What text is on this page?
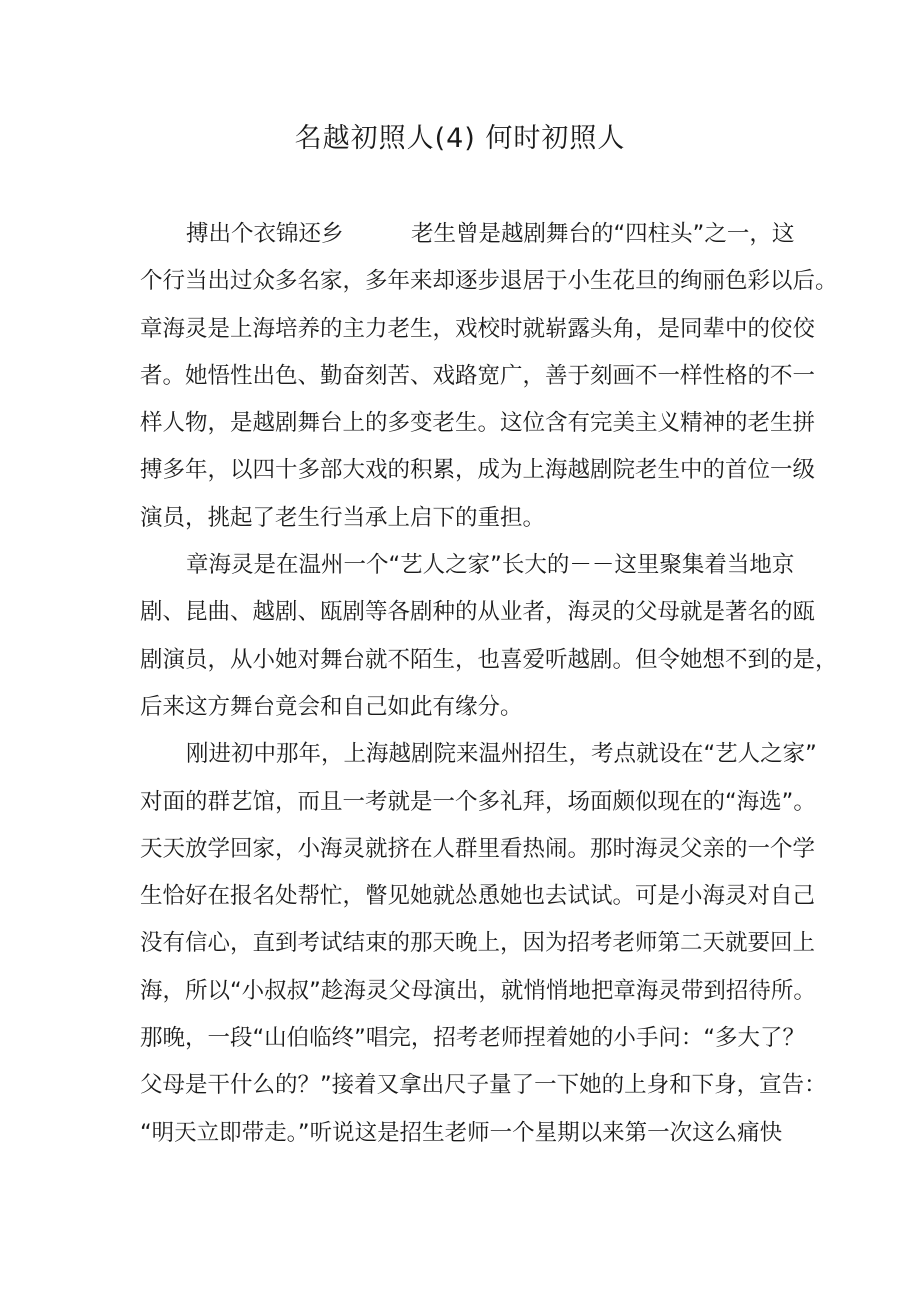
名越初照人(4) 何时初照人
搏出个衣锦还乡　　　老生曾是越剧舞台的“四柱头”之一，这
个行当出过众多名家，多年来却逐步退居于小生花旦的绚丽色彩以后。
章海灵是上海培养的主力老生，戏校时就崭露头角，是同辈中的佼佼
者。她悟性出色、勤奋刻苦、戏路宽广，善于刻画不一样性格的不一
样人物，是越剧舞台上的多变老生。这位含有完美主义精神的老生拼
搏多年，以四十多部大戏的积累，成为上海越剧院老生中的首位一级
演员，挑起了老生行当承上启下的重担。
章海灵是在温州一个“艺人之家”长大的－－这里聚集着当地京
剧、昆曲、越剧、瓯剧等各剧种的从业者，海灵的父母就是著名的瓯
剧演员，从小她对舞台就不陌生，也喜爱听越剧。但令她想不到的是，
后来这方舞台竟会和自己如此有缘分。
刚进初中那年，上海越剧院来温州招生，考点就设在“艺人之家”
对面的群艺馆，而且一考就是一个多礼拜，场面颇似现在的“海选”。
天天放学回家，小海灵就挤在人群里看热闹。那时海灵父亲的一个学
生恰好在报名处帮忙，瞥见她就怂恿她也去试试。可是小海灵对自己
没有信心，直到考试结束的那天晚上，因为招考老师第二天就要回上
海，所以“小叔叔”趁海灵父母演出，就悄悄地把章海灵带到招待所。
那晚，一段“山伯临终”唱完，招考老师捏着她的小手问：“多大了？
父母是干什么的？”接着又拿出尺子量了一下她的上身和下身，宣告：
“明天立即带走。”听说这是招生老师一个星期以来第一次这么痛快
